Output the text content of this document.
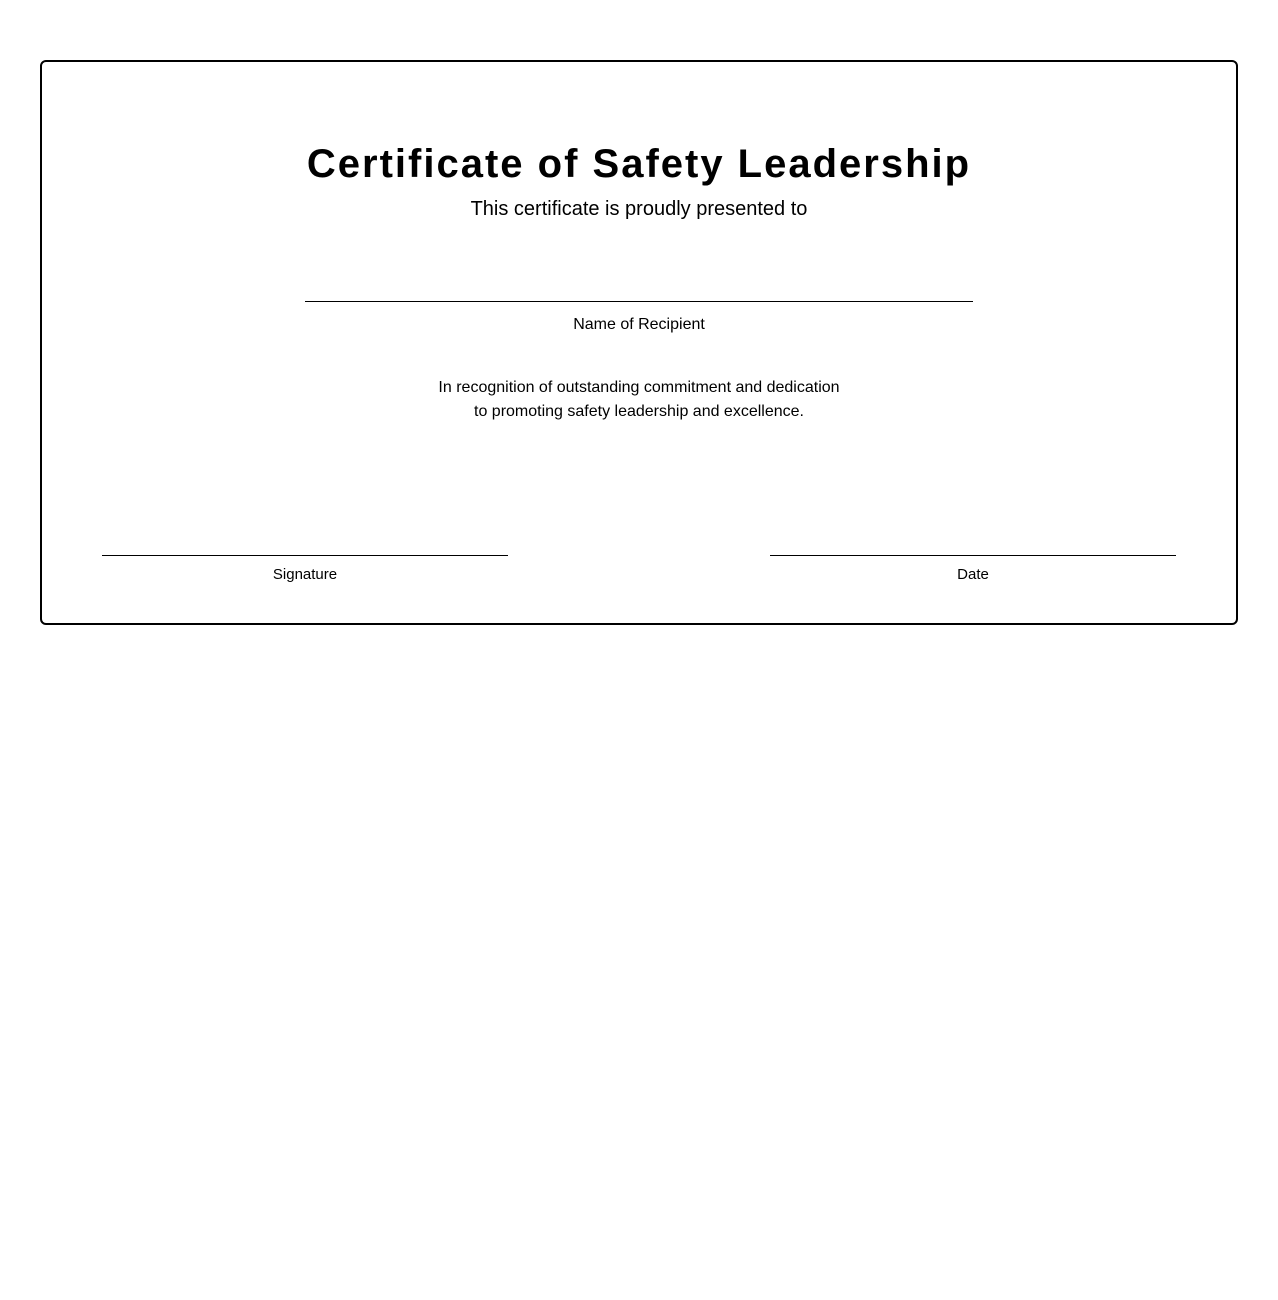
Certificate of Safety Leadership
This certificate is proudly presented to
Name of Recipient
In recognition of outstanding commitment and dedication
to promoting safety leadership and excellence.
Signature	Date
